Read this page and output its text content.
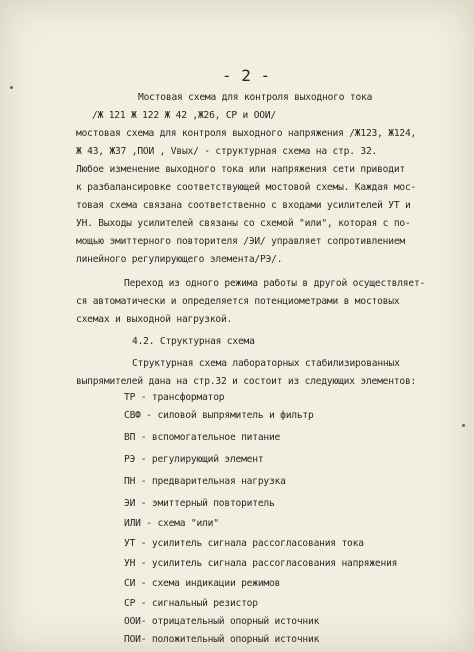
- 2 -
Мостовая схема для контроля выходного тока
/Ж 121 Ж 122 Ж 42 ,Ж26, СР и ООИ/
мостовая схема для контроля выходного напряжения /Ж123, Ж124,
Ж 43, Ж37 ,ПОИ , Vвых/ - структурная схема на стр. 32.
Любое изменение выходного тока или напряжения сети приводит
к разбалансировке соответствующей мостовой схемы. Каждая мос-
товая схема связана соответственно с входами усилителей УТ и
УН. Выходы усилителей связаны со схемой "или", которая с по-
мощью эмиттерного повторителя /ЭИ/ управляет сопротивлением
линейного регулирующего элемента/РЭ/.
Переход из одного режима работы в другой осуществляет-
ся автоматически и определяется потенциометрами в мостовых
схемах и выходной нагрузкой.
4.2. Структурная схема
Структурная схема лабораторных стабилизированных
выпрямителей дана на стр.32 и состоит из следующих элементов:
ТР - трансформатор
СВФ - силовой выпрямитель и фильтр
ВП - вспомогательное питание
РЭ - регулирующий элемент
ПН - предварительная нагрузка
ЭИ - эмиттерный повторитель
ИЛИ - схема "или"
УТ - усилитель сигнала рассогласования тока
УН - усилитель сигнала рассогласования напряжения
СИ - схема индикации режимов
СР - сигнальный резистор
ООИ- отрицательный опорный источник
ПОИ- положительный опорный источник
